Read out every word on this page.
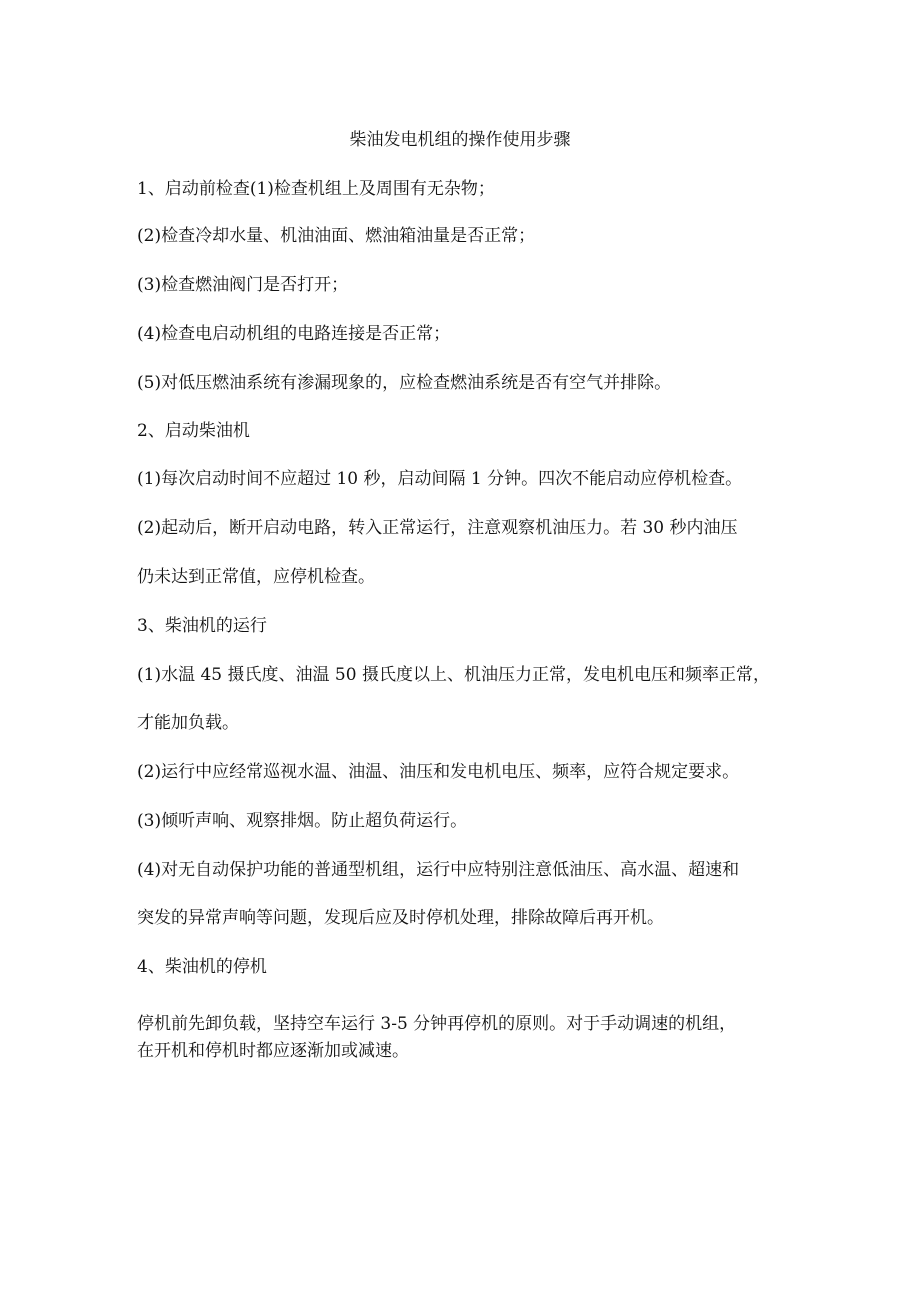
柴油发电机组的操作使用步骤
1、启动前检查(1)检查机组上及周围有无杂物；
(2)检查冷却水量、机油油面、燃油箱油量是否正常；
(3)检查燃油阀门是否打开；
(4)检查电启动机组的电路连接是否正常；
(5)对低压燃油系统有渗漏现象的，应检查燃油系统是否有空气并排除。
2、启动柴油机
(1)每次启动时间不应超过 10 秒，启动间隔 1 分钟。四次不能启动应停机检查。
(2)起动后，断开启动电路，转入正常运行，注意观察机油压力。若 30 秒内油压
仍未达到正常值，应停机检查。
3、柴油机的运行
(1)水温 45 摄氏度、油温 50 摄氏度以上、机油压力正常，发电机电压和频率正常，
才能加负载。
(2)运行中应经常巡视水温、油温、油压和发电机电压、频率，应符合规定要求。
(3)倾听声响、观察排烟。防止超负荷运行。
(4)对无自动保护功能的普通型机组，运行中应特别注意低油压、高水温、超速和
突发的异常声响等问题，发现后应及时停机处理，排除故障后再开机。
4、柴油机的停机
停机前先卸负载，坚持空车运行 3-5 分钟再停机的原则。对于手动调速的机组，
在开机和停机时都应逐渐加或减速。
